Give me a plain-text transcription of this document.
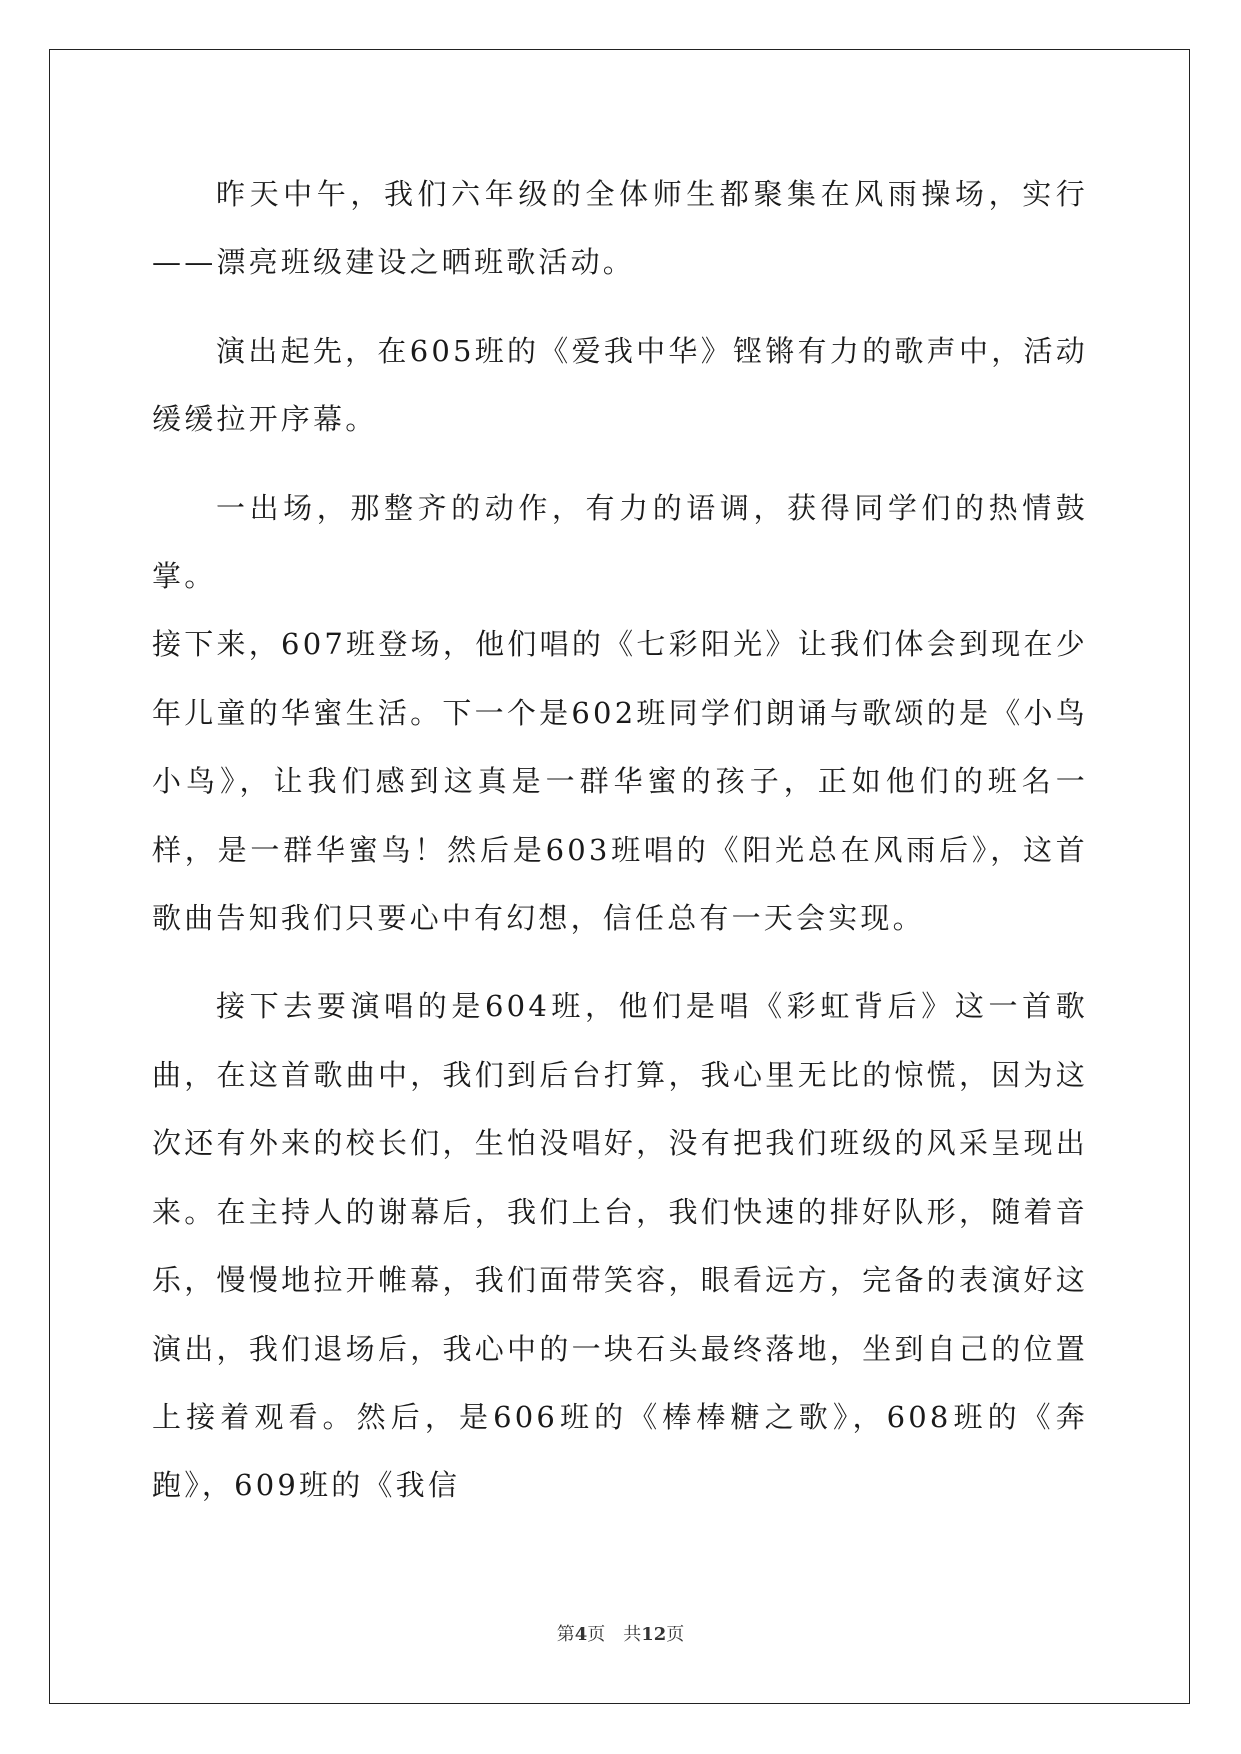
昨天中午，我们六年级的全体师生都聚集在风雨操场，实行——漂亮班级建设之晒班歌活动。

演出起先，在605班的《爱我中华》铿锵有力的歌声中，活动缓缓拉开序幕。

一出场，那整齐的动作，有力的语调，获得同学们的热情鼓掌。

接下来，607班登场，他们唱的《七彩阳光》让我们体会到现在少年儿童的华蜜生活。下一个是602班同学们朗诵与歌颂的是《小鸟小鸟》，让我们感到这真是一群华蜜的孩子，正如他们的班名一样，是一群华蜜鸟！然后是603班唱的《阳光总在风雨后》，这首歌曲告知我们只要心中有幻想，信任总有一天会实现。

接下去要演唱的是604班，他们是唱《彩虹背后》这一首歌曲，在这首歌曲中，我们到后台打算，我心里无比的惊慌，因为这次还有外来的校长们，生怕没唱好，没有把我们班级的风采呈现出来。在主持人的谢幕后，我们上台，我们快速的排好队形，随着音乐，慢慢地拉开帷幕，我们面带笑容，眼看远方，完备的表演好这演出，我们退场后，我心中的一块石头最终落地，坐到自己的位置上接着观看。然后，是606班的《棒棒糖之歌》，608班的《奔跑》，609班的《我信

第4页 共12页
